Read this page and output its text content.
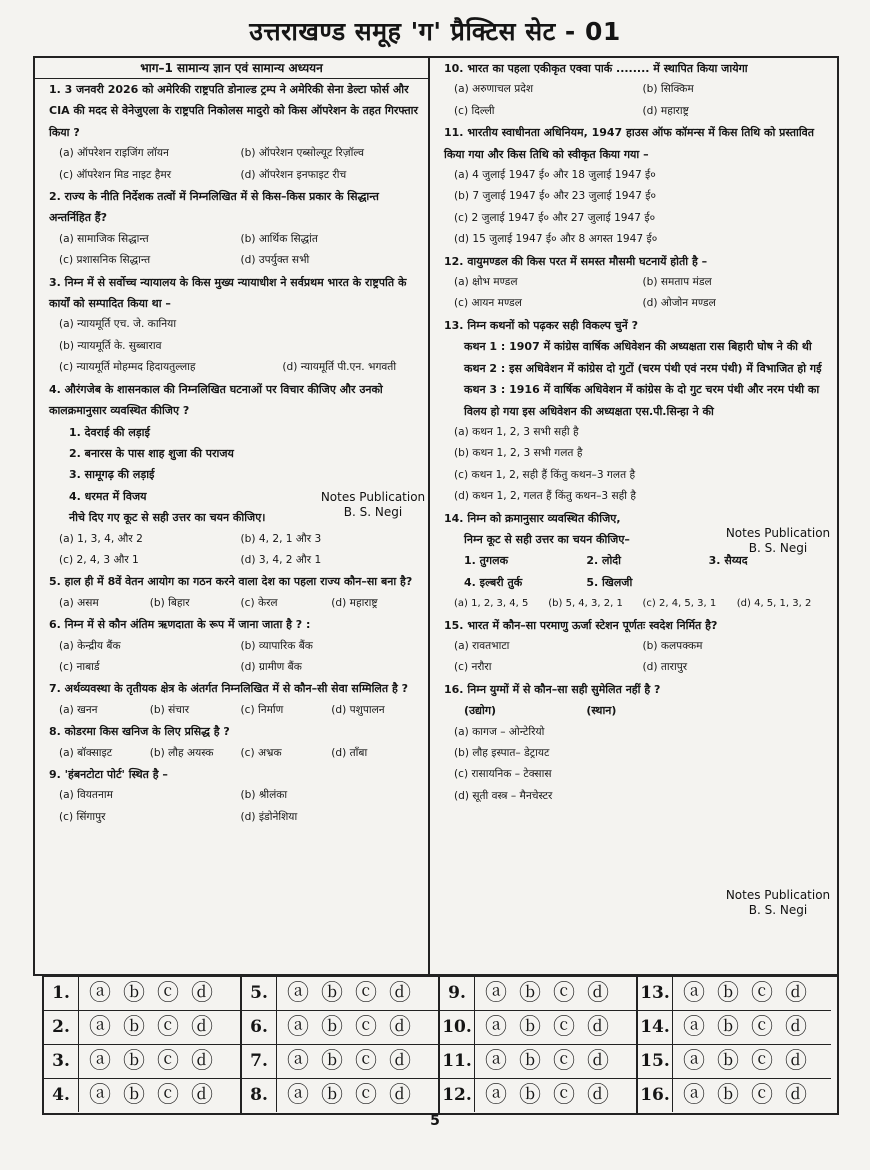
उत्तराखण्ड समूह 'ग' प्रैक्टिस सेट - 01
भाग–1 सामान्य ज्ञान एवं सामान्य अध्ययन
1. 3 जनवरी 2026 को अमेरिकी राष्ट्रपति डोनाल्ड ट्रम्प ने अमेरिकी सेना डेल्टा फोर्स और CIA की मदद से वेनेजुएला के राष्ट्रपति निकोलस मादुरो को किस ऑपरेशन के तहत गिरफ्तार किया ?
(a) ऑपरेशन राइजिंग लॉयन	(b) ऑपरेशन एब्सोल्यूट रिज़ॉल्व
(c) ऑपरेशन मिड नाइट हैमर	(d) ऑपरेशन इनफाइट रीच
2. राज्य के नीति निर्देशक तत्वों में निम्नलिखित में से किस–किस प्रकार के सिद्धान्त अन्तर्निहित हैं?
(a) सामाजिक सिद्धान्त	(b) आर्थिक सिद्धांत
(c) प्रशासनिक सिद्धान्त	(d) उपर्युक्त सभी
3. निम्न में से सर्वोच्च न्यायालय के किस मुख्य न्यायाधीश ने सर्वप्रथम भारत के राष्ट्रपति के कार्यों को सम्पादित किया था –
(a) न्यायमूर्ति एच. जे. कानिया
(b) न्यायमूर्ति के. सुब्बाराव
(c) न्यायमूर्ति मोहम्मद हिदायतुल्लाह	(d) न्यायमूर्ति पी.एन. भगवती
4. औरंगजेब के शासनकाल की निम्नलिखित घटनाओं पर विचार कीजिए और उनको कालक्रमानुसार व्यवस्थित कीजिए ?
1. देवराई की लड़ाई
2. बनारस के पास शाह शुजा की पराजय
3. सामूगढ़ की लड़ाई
4. धरमत में विजय
नीचे दिए गए कूट से सही उत्तर का चयन कीजिए।
(a) 1, 3, 4, और 2	(b) 4, 2, 1 और 3
(c) 2, 4, 3 और 1	(d) 3, 4, 2 और 1
5. हाल ही में 8वें वेतन आयोग का गठन करने वाला देश का पहला राज्य कौन–सा बना है?
(a) असम	(b) बिहार	(c) केरल	(d) महाराष्ट्र
6. निम्न में से कौन अंतिम ऋणदाता के रूप में जाना जाता है ? :
(a) केन्द्रीय बैंक	(b) व्यापारिक बैंक
(c) नाबार्ड	(d) ग्रामीण बैंक
7. अर्थव्यवस्था के तृतीयक क्षेत्र के अंतर्गत निम्नलिखित में से कौन–सी सेवा सम्मिलित है ?
(a) खनन	(b) संचार	(c) निर्माण	(d) पशुपालन
8. कोडरमा किस खनिज के लिए प्रसिद्ध है ?
(a) बॉक्साइट	(b) लौह अयस्क	(c) अभ्रक	(d) ताँबा
9. 'हंबनटोटा पोर्ट' स्थित है –
(a) वियतनाम	(b) श्रीलंका
(c) सिंगापुर	(d) इंडोनेशिया
Notes Publication
B. S. Negi
10. भारत का पहला एकीकृत एक्वा पार्क ........ में स्थापित किया जायेगा
(a) अरुणाचल प्रदेश	(b) सिक्किम
(c) दिल्ली	(d) महाराष्ट्र
11. भारतीय स्वाधीनता अधिनियम, 1947 हाउस ऑफ कॉमन्स में किस तिथि को प्रस्तावित किया गया और किस तिथि को स्वीकृत किया गया –
(a) 4 जुलाई 1947 ई० और 18 जुलाई 1947 ई०
(b) 7 जुलाई 1947 ई० और 23 जुलाई 1947 ई०
(c) 2 जुलाई 1947 ई० और 27 जुलाई 1947 ई०
(d) 15 जुलाई 1947 ई० और 8 अगस्त 1947 ई०
12. वायुमण्डल की किस परत में समस्त मौसमी घटनायें होती है –
(a) क्षोभ मण्डल	(b) समताप मंडल
(c) आयन मण्डल	(d) ओजोन मण्डल
13. निम्न कथनों को पढ़कर सही विकल्प चुनें ?
कथन 1 : 1907 में कांग्रेस वार्षिक अधिवेशन की अध्यक्षता रास बिहारी घोष ने की थी
कथन 2 : इस अधिवेशन में कांग्रेस दो गुटों (चरम पंथी एवं नरम पंथी) में विभाजित हो गई
कथन 3 : 1916 में वार्षिक अधिवेशन में कांग्रेस के दो गुट चरम पंथी और नरम पंथी का विलय हो गया इस अधिवेशन की अध्यक्षता एस.पी.सिन्हा ने की
(a) कथन 1, 2, 3 सभी सही है
(b) कथन 1, 2, 3 सभी गलत है
(c) कथन 1, 2, सही हैं किंतु कथन–3 गलत है
(d) कथन 1, 2, गलत हैं किंतु कथन–3 सही है
14. निम्न को क्रमानुसार व्यवस्थित कीजिए,
निम्न कूट से सही उत्तर का चयन कीजिए–
1. तुगलक	2. लोदी	3. सैय्यद
4. इल्बरी तुर्क	5. खिलजी
(a) 1, 2, 3, 4, 5	(b) 5, 4, 3, 2, 1	(c) 2, 4, 5, 3, 1	(d) 4, 5, 1, 3, 2
15. भारत में कौन–सा परमाणु ऊर्जा स्टेशन पूर्णतः स्वदेश निर्मित है?
(a) रावतभाटा	(b) कलपक्कम
(c) नरौरा	(d) तारापुर
16. निम्न युग्मों में से कौन–सा सही सुमेलित नहीं है ?
(उद्योग)	(स्थान)
(a) कागज – ओन्टेरियो
(b) लौह इस्पात– डेट्रायट
(c) रासायनिक – टेक्सास
(d) सूती वस्त्र – मैनचेस्टर
Notes Publication
B. S. Negi
Notes Publication
B. S. Negi
1. ⓐ ⓑ ⓒ ⓓ
2. ⓐ ⓑ ⓒ ⓓ
3. ⓐ ⓑ ⓒ ⓓ
4. ⓐ ⓑ ⓒ ⓓ
5. ⓐ ⓑ ⓒ ⓓ
6. ⓐ ⓑ ⓒ ⓓ
7. ⓐ ⓑ ⓒ ⓓ
8. ⓐ ⓑ ⓒ ⓓ
9. ⓐ ⓑ ⓒ ⓓ
10. ⓐ ⓑ ⓒ ⓓ
11. ⓐ ⓑ ⓒ ⓓ
12. ⓐ ⓑ ⓒ ⓓ
13. ⓐ ⓑ ⓒ ⓓ
14. ⓐ ⓑ ⓒ ⓓ
15. ⓐ ⓑ ⓒ ⓓ
16. ⓐ ⓑ ⓒ ⓓ
5
